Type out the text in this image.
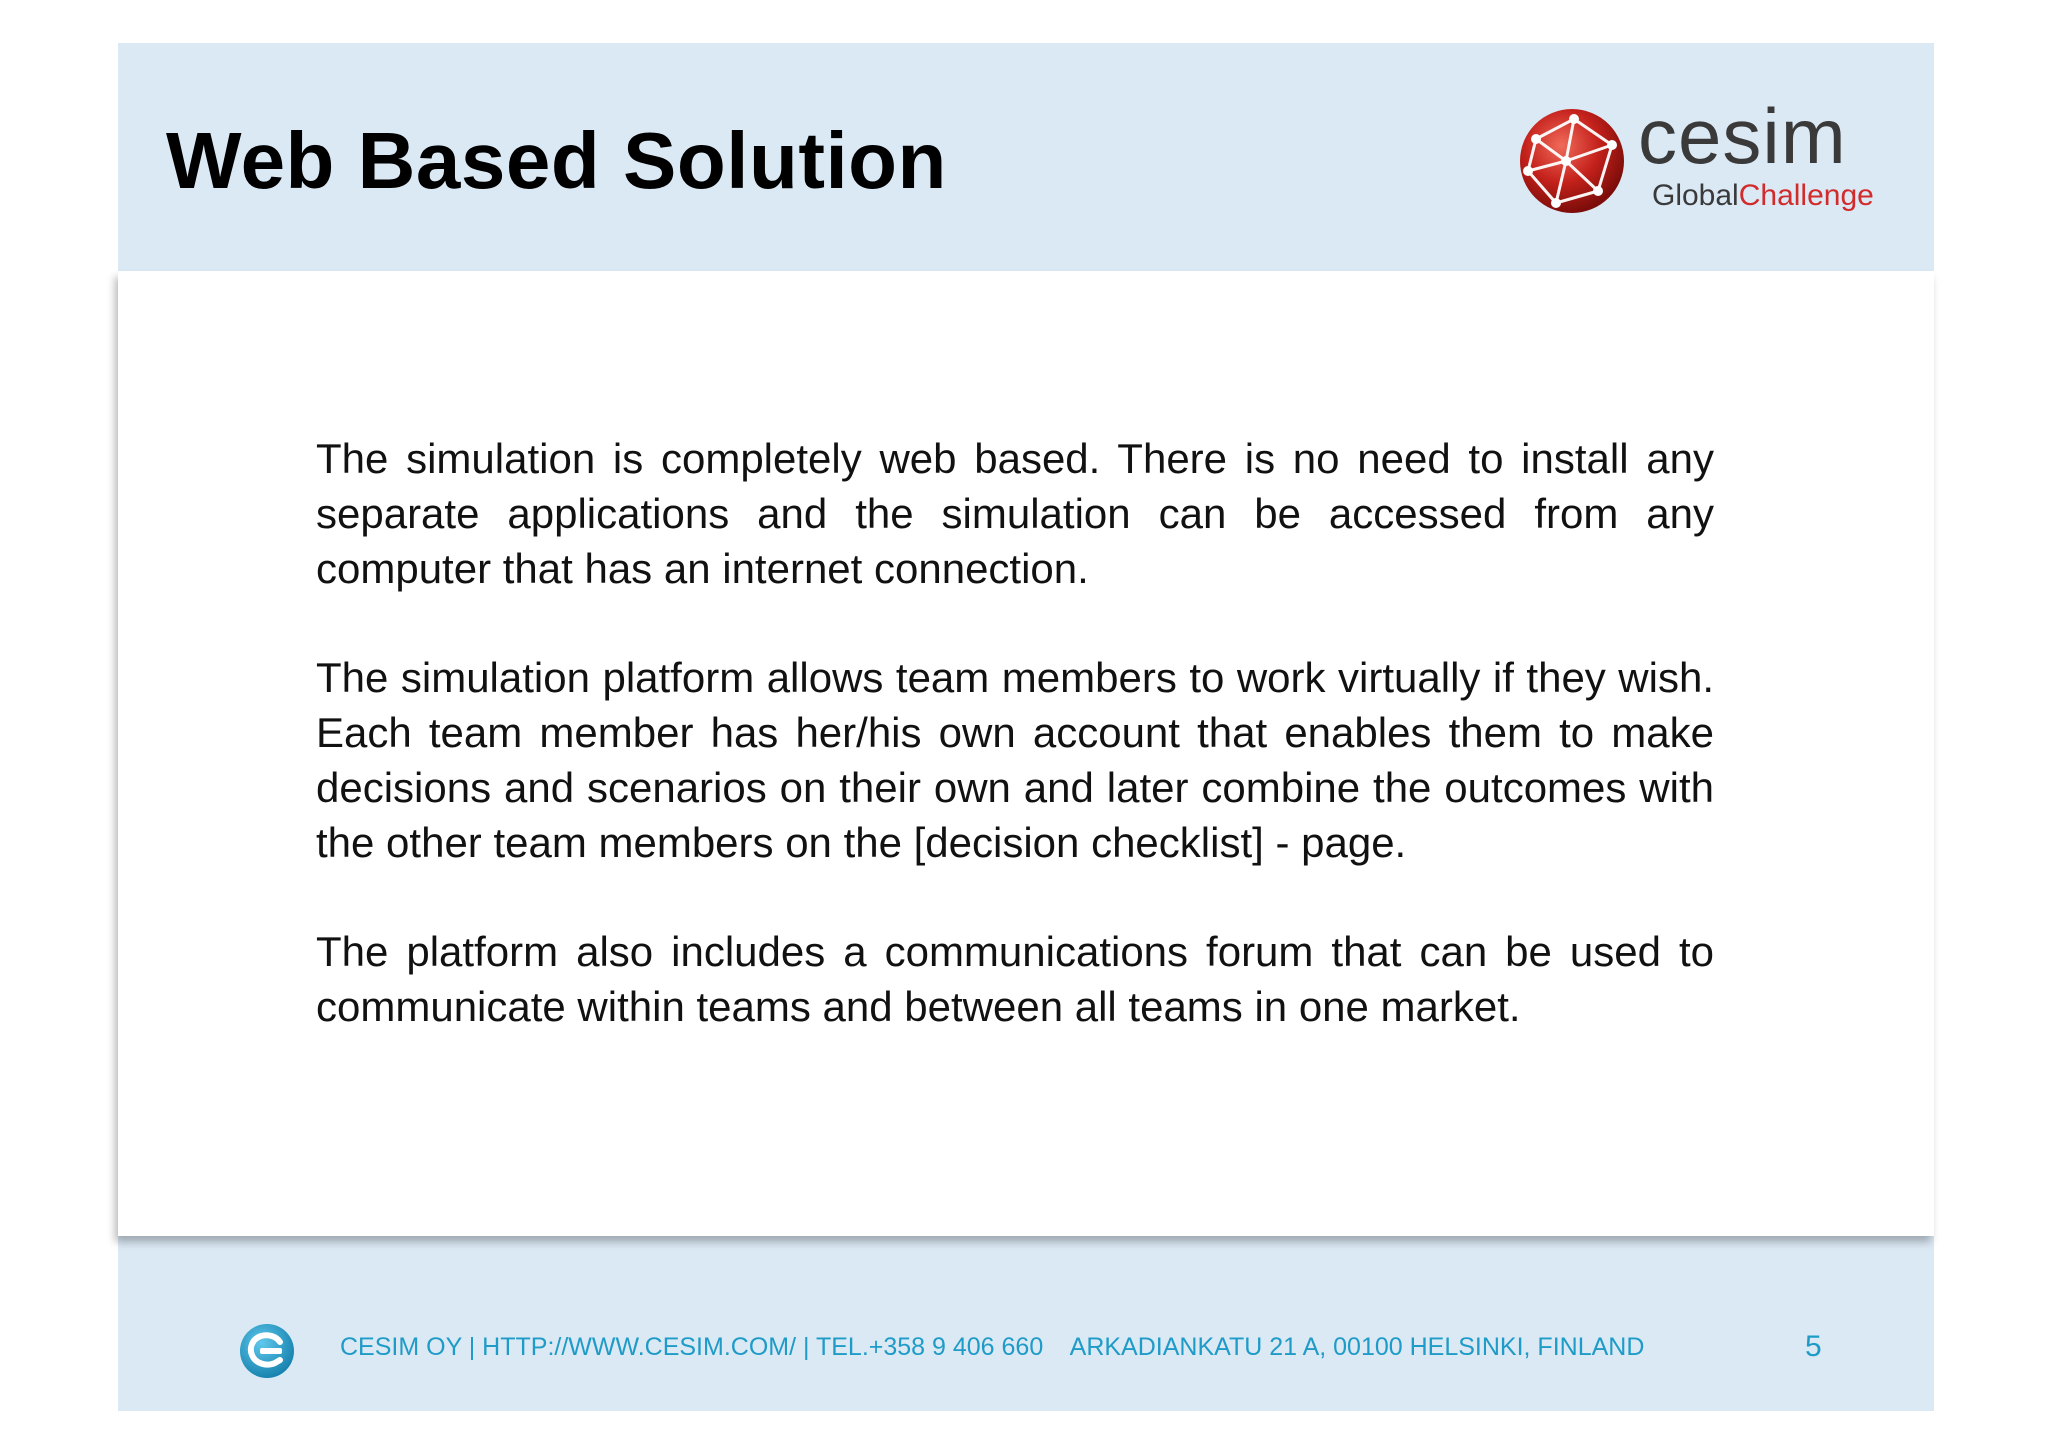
Web Based Solution	cesim
GlobalChallenge

The simulation is completely web based. There is no need to install any separate applications and the simulation can be accessed from any computer that has an internet connection.

The simulation platform allows team members to work virtually if they wish. Each team member has her/his own account that enables them to make decisions and scenarios on their own and later combine the outcomes with the other team members on the [decision checklist] - page.

The platform also includes a communications forum that can be used to communicate within teams and between all teams in one market.

CESIM OY | HTTP://WWW.CESIM.COM/ | TEL.+358 9 406 660    ARKADIANKATU 21 A, 00100 HELSINKI, FINLAND	5
